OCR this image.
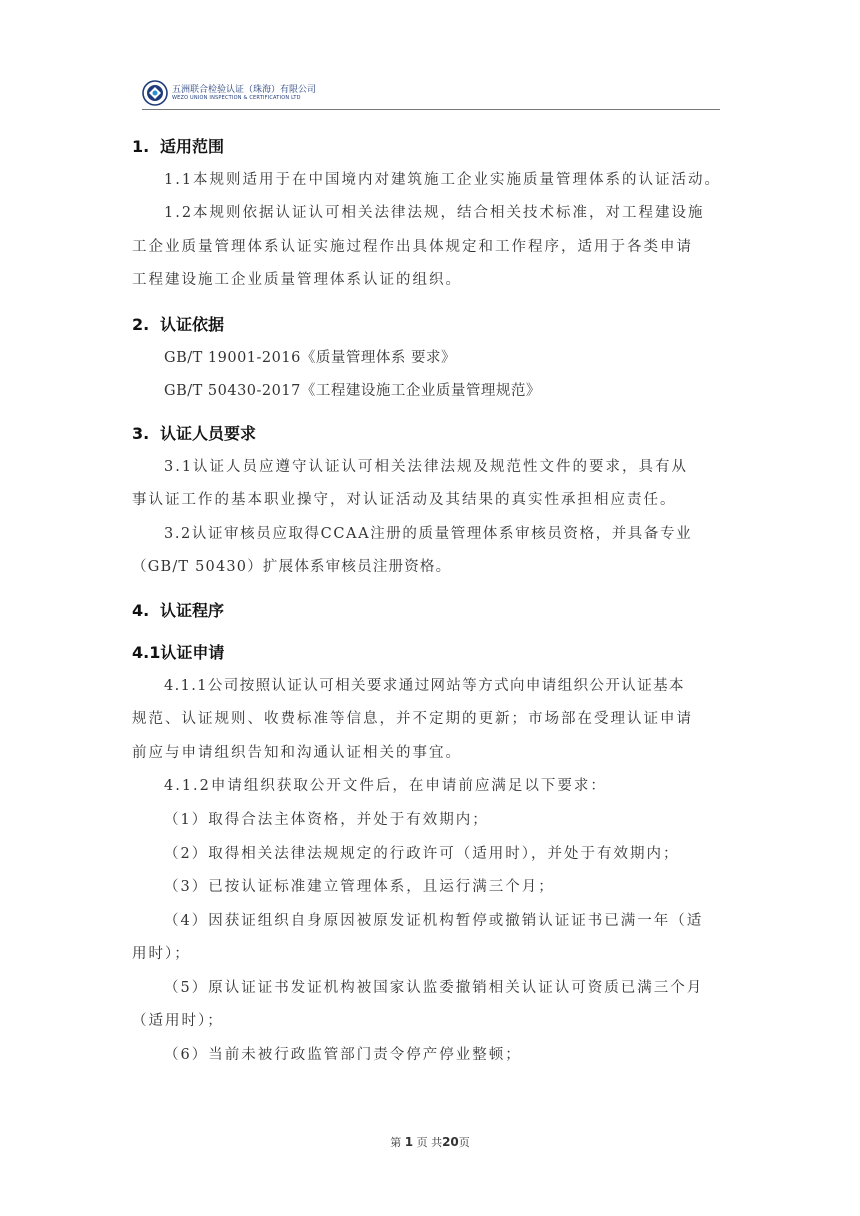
五洲联合检验认证（珠海）有限公司
WEZO UNION INSPECTION & CERTIFICATION LTD
1. 适用范围
1.1本规则适用于在中国境内对建筑施工企业实施质量管理体系的认证活动。
1.2本规则依据认证认可相关法律法规，结合相关技术标准，对工程建设施
工企业质量管理体系认证实施过程作出具体规定和工作程序，适用于各类申请
工程建设施工企业质量管理体系认证的组织。
2. 认证依据
GB/T 19001-2016《质量管理体系 要求》
GB/T 50430-2017《工程建设施工企业质量管理规范》
3. 认证人员要求
3.1认证人员应遵守认证认可相关法律法规及规范性文件的要求，具有从
事认证工作的基本职业操守，对认证活动及其结果的真实性承担相应责任。
3.2认证审核员应取得CCAA注册的质量管理体系审核员资格，并具备专业
（GB/T 50430）扩展体系审核员注册资格。
4. 认证程序
4.1认证申请
4.1.1公司按照认证认可相关要求通过网站等方式向申请组织公开认证基本
规范、认证规则、收费标准等信息，并不定期的更新；市场部在受理认证申请
前应与申请组织告知和沟通认证相关的事宜。
4.1.2申请组织获取公开文件后，在申请前应满足以下要求：
（1）取得合法主体资格，并处于有效期内；
（2）取得相关法律法规规定的行政许可（适用时），并处于有效期内；
（3）已按认证标准建立管理体系，且运行满三个月；
（4）因获证组织自身原因被原发证机构暂停或撤销认证证书已满一年（适
用时）；
（5）原认证证书发证机构被国家认监委撤销相关认证认可资质已满三个月
（适用时）；
（6）当前未被行政监管部门责令停产停业整顿；
第 1 页 共20页
